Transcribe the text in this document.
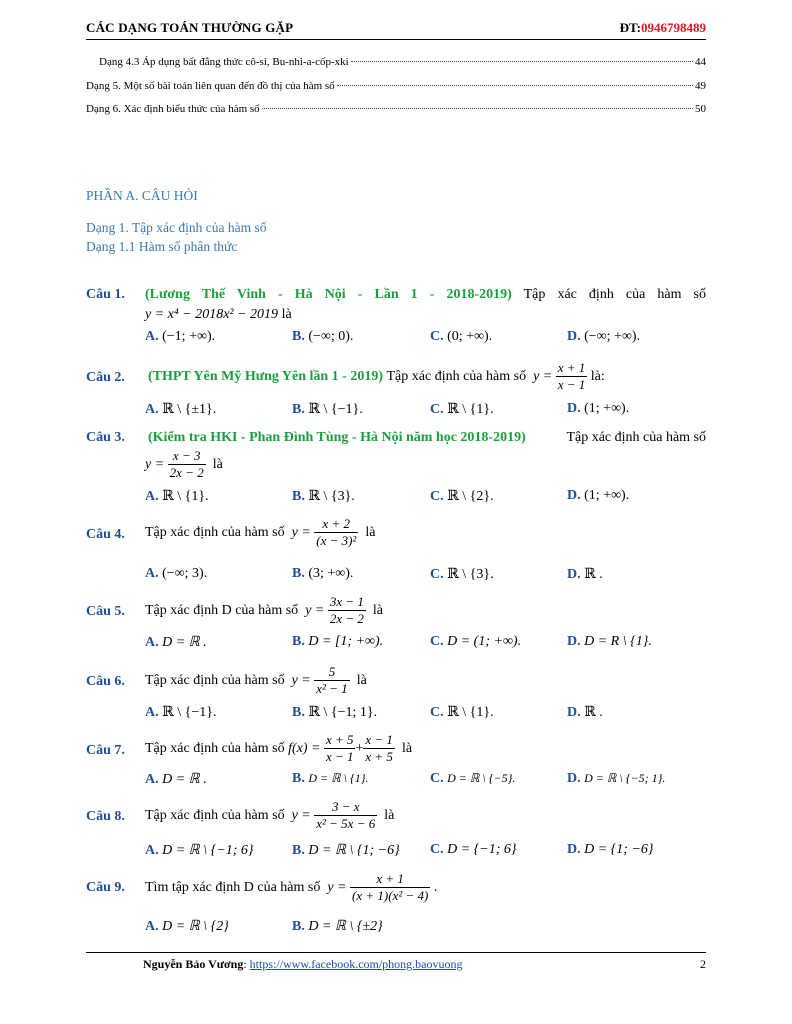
CÁC DẠNG TOÁN THƯỜNG GẶP	ĐT:0946798489
Dạng 4.3 Áp dụng bất đẳng thức cô-si, Bu-nhi-a-cốp-xki	44
Dạng 5. Một số bài toán liên quan đến đồ thị của hàm số	49
Dạng 6. Xác định biểu thức của hàm số	50
PHẦN A. CÂU HỎI
Dạng 1. Tập xác định của hàm số
Dạng 1.1 Hàm số phân thức
Câu 1. (Lương Thế Vinh - Hà Nội - Lần 1 - 2018-2019) Tập xác định của hàm số
y = x⁴ − 2018x² − 2019 là
A. (−1; +∞).	B. (−∞; 0).	C. (0; +∞).	D. (−∞; +∞).
Câu 2. (THPT Yên Mỹ Hưng Yên lần 1 - 2019)
Tập xác định của hàm số
y =
$\frac{x + 1}{x - 1}$
là:
A. ℝ \ {±1}.	B. ℝ \ {−1}.	C. ℝ \ {1}.	D. (1; +∞).
Câu 3. (Kiểm tra HKI - Phan Đình Tùng - Hà Nội năm học 2018-2019)	Tập xác định của hàm số
y =
$\frac{x - 3}{2x - 2}$
là
A. ℝ \ {1}.	B. ℝ \ {3}.	C. ℝ \ {2}.	D. (1; +∞).
Câu 4. Tập xác định của hàm số
y =
$\frac{x + 2}{\text{(x − 3)²}}$
là
A. (−∞; 3).	B. (3; +∞).	C. ℝ \ {3}.	D. ℝ .
Câu 5. Tập xác định D của hàm số
y =
$\frac{3x - 1}{2x - 2}$
là
A. D = ℝ .	B. D = [1; +∞).	C. D = (1; +∞).	D. D = R \ {1}.
Câu 6. Tập xác định của hàm số
y =
$\frac{5}{\text{x² − 1}}$
là
A. ℝ \ {−1}.	B. ℝ \ {−1; 1}.	C. ℝ \ {1}.	D. ℝ .
Câu 7. Tập xác định của hàm số
f(x) =
$\frac{x + 5}{x - 1} + \frac{x - 1}{x + 5}$
là
A. D = ℝ .	B. D = ℝ \ {1}.	C. D = ℝ \ {−5}.	D. D = ℝ \ {−5; 1}.
Câu 8. Tập xác định của hàm số
y =
$\frac{3 - x}{\text{x² − 5x − 6}}$
là
A. D = ℝ \ {−1; 6}	B. D = ℝ \ {1; −6} C. D = {−1; 6}	D. D = {1; −6}
Câu 9. Tìm tập xác định D của hàm số
y =
$\frac{x + 1}{\text{(x + 1)(x² − 4)}}$
.
A. D = ℝ \ {2}	B. D = ℝ \ {±2}
Nguyễn Bảo Vương: https://www.facebook.com/phong.baovuong	2
